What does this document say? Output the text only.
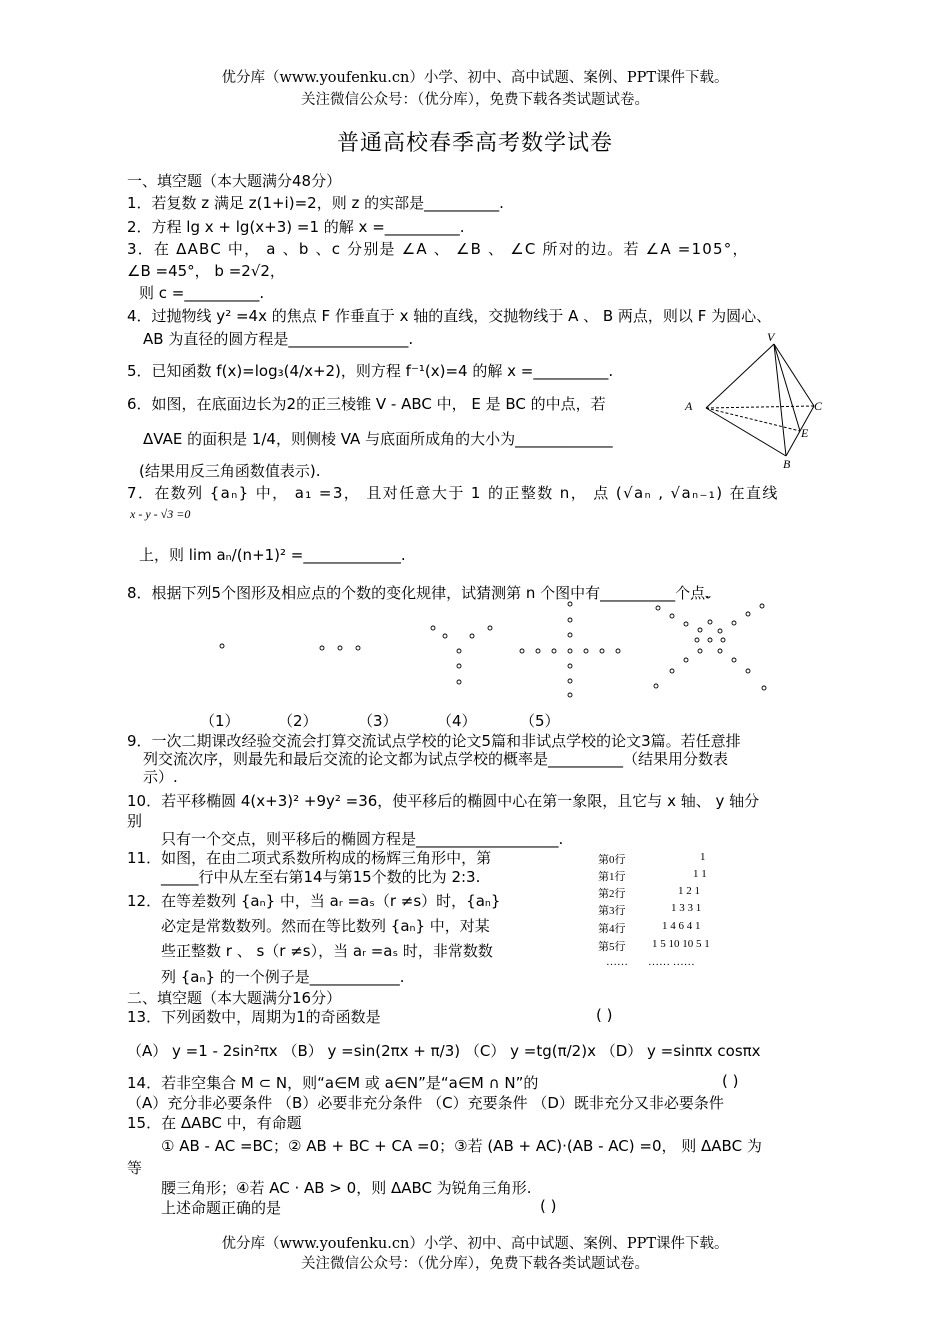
优分库（www.youfenku.cn）小学、初中、高中试题、案例、PPT课件下载。
关注微信公众号：（优分库），免费下载各类试题试卷。
普通高校春季高考数学试卷
一、填空题（本大题满分48分）
1．若复数 z 满足 z(1+i)=2，则 z 的实部是__________.
2．方程 lg x + lg(x+3) =1 的解 x =__________.
3．在 ΔABC 中， a 、b 、c 分别是 ∠A 、 ∠B 、 ∠C 所对的边。若 ∠A =105°，
∠B =45°， b =2√2，
则 c =__________.
4．过抛物线 y² =4x 的焦点 F 作垂直于 x 轴的直线，交抛物线于 A 、 B 两点，则以 F 为圆心、
AB 为直径的圆方程是________________.
5．已知函数 f(x)=log₃(4/x+2)，则方程 f⁻¹(x)=4 的解 x =__________.
6．如图，在底面边长为2的正三棱锥 V - ABC 中， E 是 BC 的中点，若
ΔVAE 的面积是 1/4，则侧棱 VA 与底面所成角的大小为_____________
(结果用反三角函数值表示).
V
A	C
E
B
7．在数列 {aₙ} 中， a₁ =3， 且对任意大于 1 的正整数 n， 点 (√aₙ , √aₙ₋₁) 在直线
x - y - √3 =0
上，则 lim aₙ/(n+1)² =_____________.
8．根据下列5个图形及相应点的个数的变化规律，试猜测第 n 个图中有__________个点.
（1）	（2）	（3）	（4）	（5）
9．一次二期课改经验交流会打算交流试点学校的论文5篇和非试点学校的论文3篇。若任意排
列交流次序，则最先和最后交流的论文都为试点学校的概率是__________（结果用分数表
示）.
10．若平移椭圆 4(x+3)² +9y² =36，使平移后的椭圆中心在第一象限，且它与 x 轴、 y 轴分
别
只有一个交点，则平移后的椭圆方程是___________________.
11．如图，在由二项式系数所构成的杨辉三角形中，第
_____行中从左至右第14与第15个数的比为 2:3.
12．在等差数列 {aₙ} 中，当 aᵣ =aₛ（r ≠s）时，{aₙ}
必定是常数数列。然而在等比数列 {aₙ} 中，对某
些正整数 r 、 s（r ≠s），当 aᵣ =aₛ 时，非常数数
列 {aₙ} 的一个例子是____________.
第0行	1
第1行	1 1
第2行	1 2 1
第3行	1 3 3 1
第4行	1 4 6 4 1
第5行 1 5 10 10 5 1
…… …… ……
二、填空题（本大题满分16分）
13．下列函数中，周期为1的奇函数是	( )
（A） y =1 - 2sin²πx （B） y =sin(2πx + π/3) （C） y =tg(π/2)x （D） y =sinπx cosπx
14．若非空集合 M ⊂ N，则“a∈M 或 a∈N”是“a∈M ∩ N”的	( )
（A）充分非必要条件 （B）必要非充分条件 （C）充要条件 （D）既非充分又非必要条件
15．在 ΔABC 中，有命题
① AB - AC =BC；② AB + BC + CA =0；③若 (AB + AC)·(AB - AC) =0， 则 ΔABC 为
等
腰三角形；④若 AC · AB > 0，则 ΔABC 为锐角三角形.
上述命题正确的是	( )
优分库（www.youfenku.cn）小学、初中、高中试题、案例、PPT课件下载。
关注微信公众号：（优分库），免费下载各类试题试卷。
